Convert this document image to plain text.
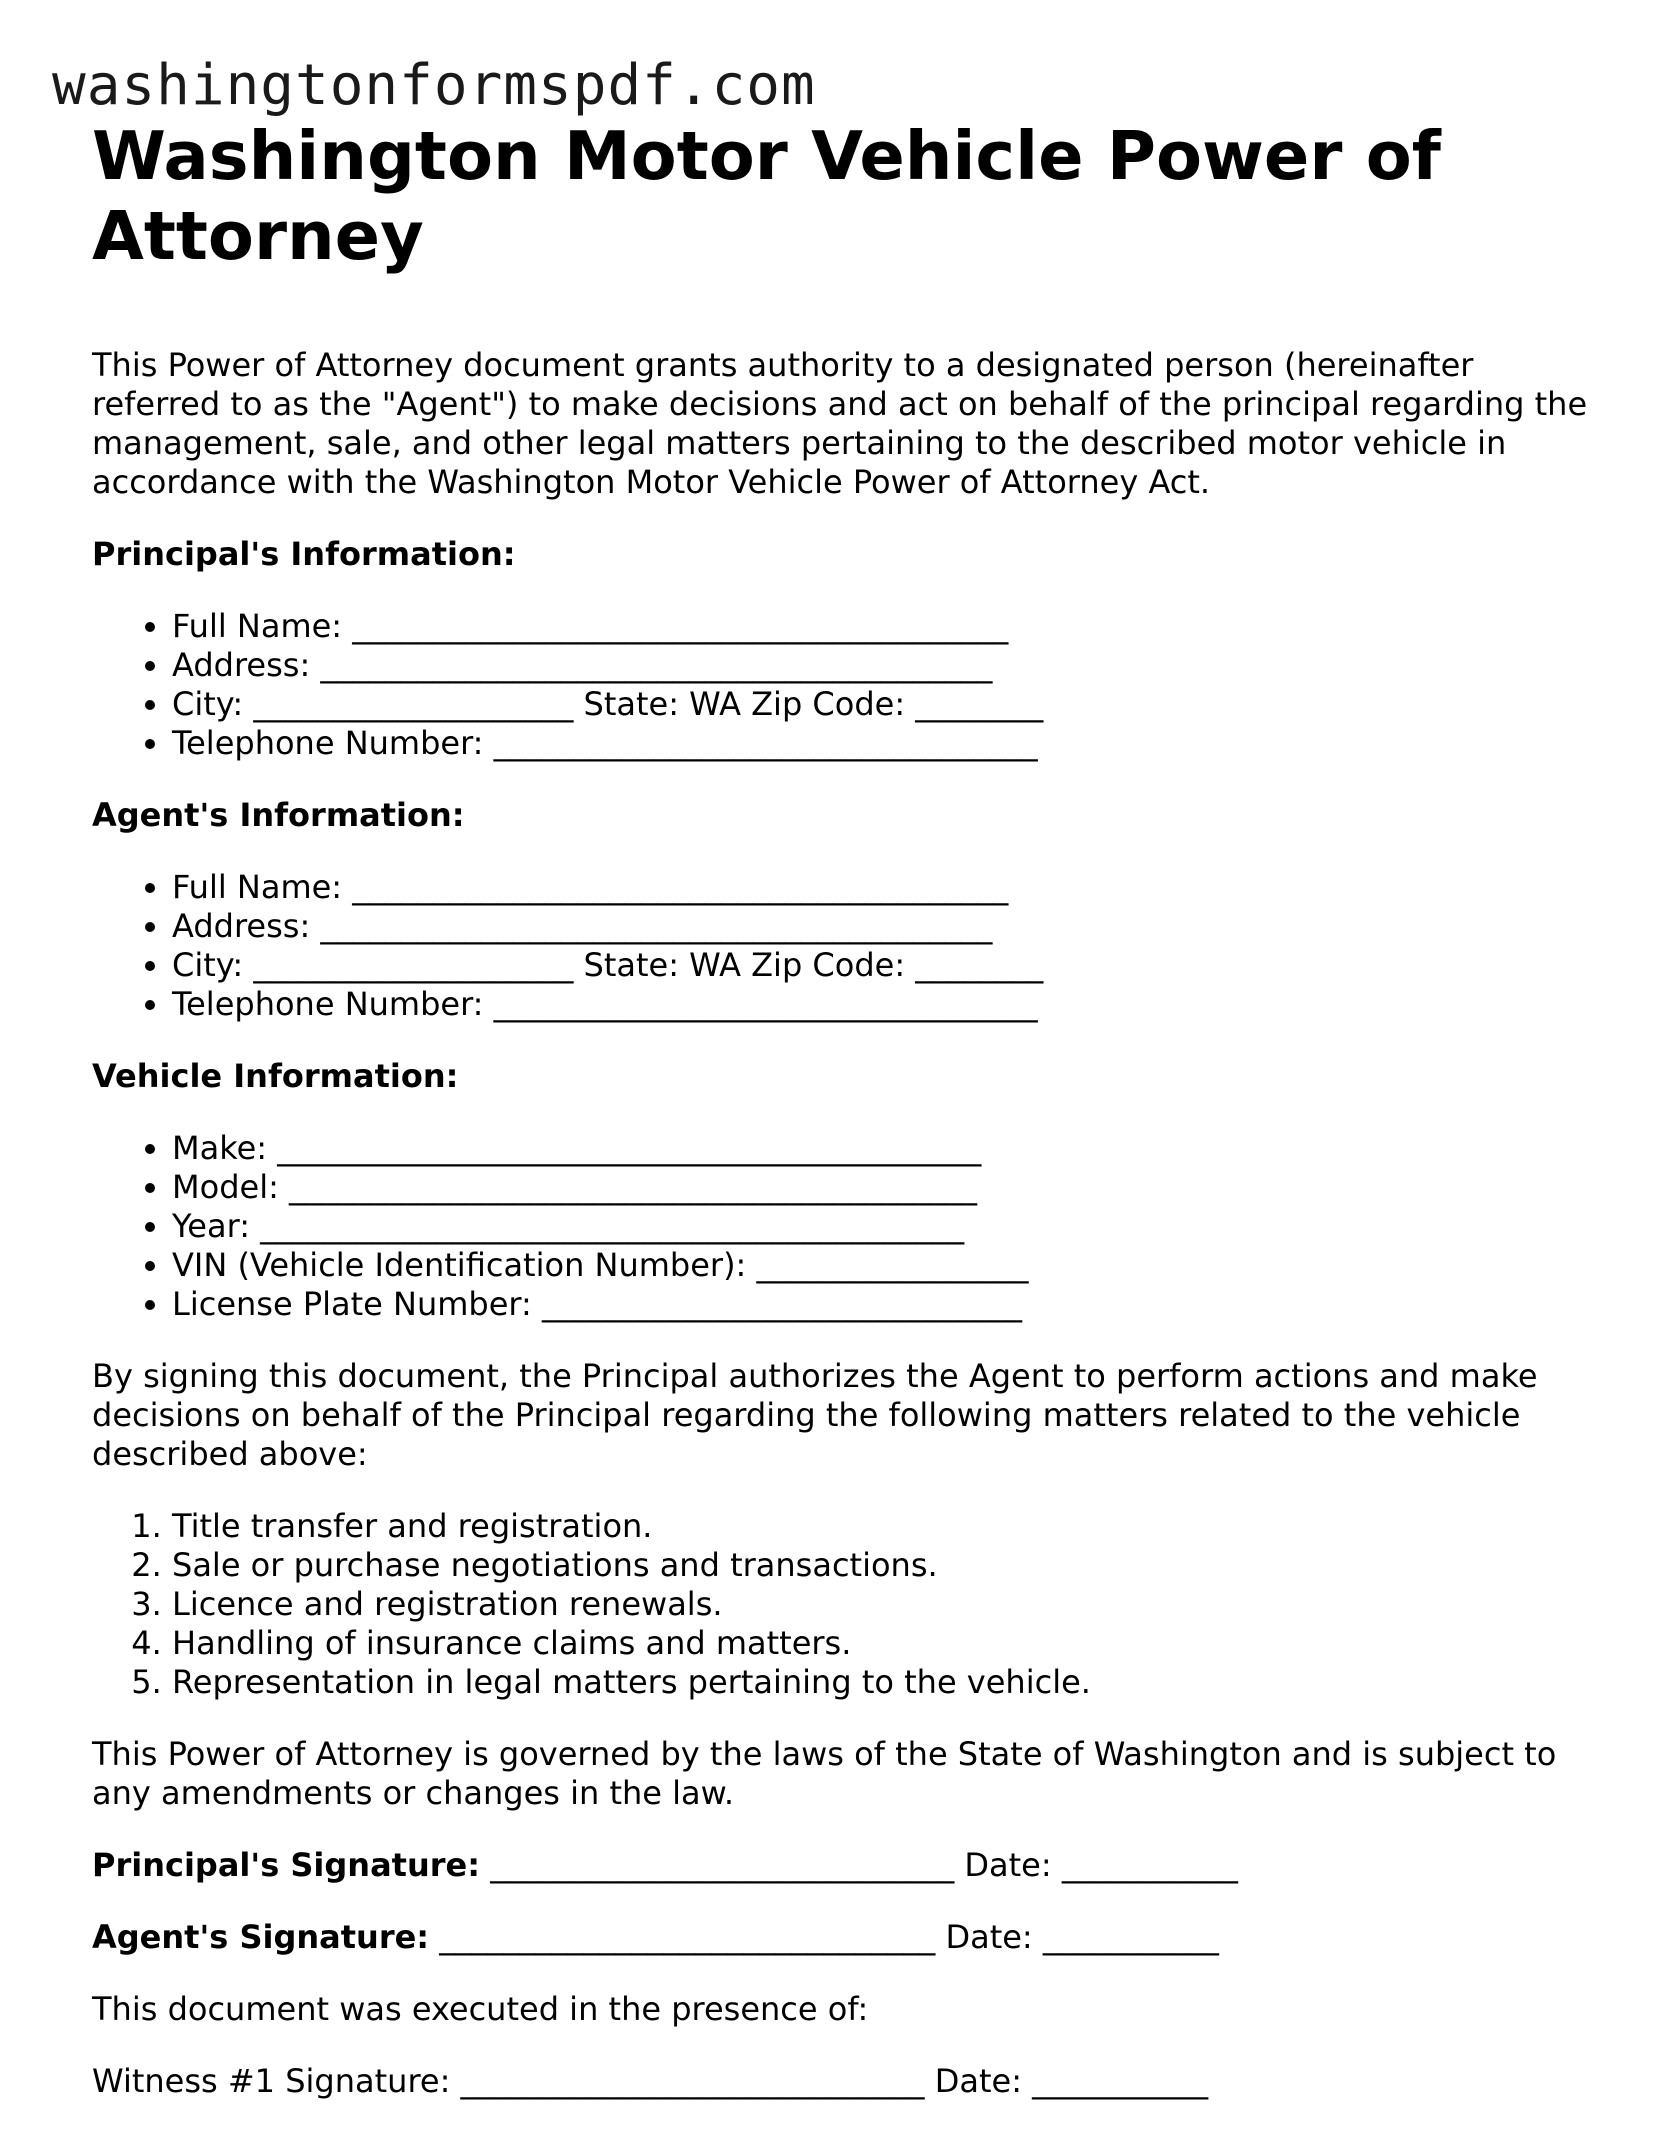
washingtonformspdf.com
Washington Motor Vehicle Power of Attorney

This Power of Attorney document grants authority to a designated person (hereinafter referred to as the "Agent") to make decisions and act on behalf of the principal regarding the management, sale, and other legal matters pertaining to the described motor vehicle in accordance with the Washington Motor Vehicle Power of Attorney Act.

Principal's Information:

• Full Name: _________________________________________
• Address: __________________________________________
• City: ____________________ State: WA Zip Code: ________
• Telephone Number: __________________________________

Agent's Information:

• Full Name: _________________________________________
• Address: __________________________________________
• City: ____________________ State: WA Zip Code: ________
• Telephone Number: __________________________________

Vehicle Information:

• Make: ____________________________________________
• Model: ___________________________________________
• Year: ____________________________________________
• VIN (Vehicle Identification Number): _________________
• License Plate Number: ______________________________

By signing this document, the Principal authorizes the Agent to perform actions and make decisions on behalf of the Principal regarding the following matters related to the vehicle described above:

1. Title transfer and registration.
2. Sale or purchase negotiations and transactions.
3. Licence and registration renewals.
4. Handling of insurance claims and matters.
5. Representation in legal matters pertaining to the vehicle.

This Power of Attorney is governed by the laws of the State of Washington and is subject to any amendments or changes in the law.

Principal's Signature: _____________________________ Date: ___________

Agent's Signature: _______________________________ Date: ___________

This document was executed in the presence of:

Witness #1 Signature: _____________________________ Date: ___________
